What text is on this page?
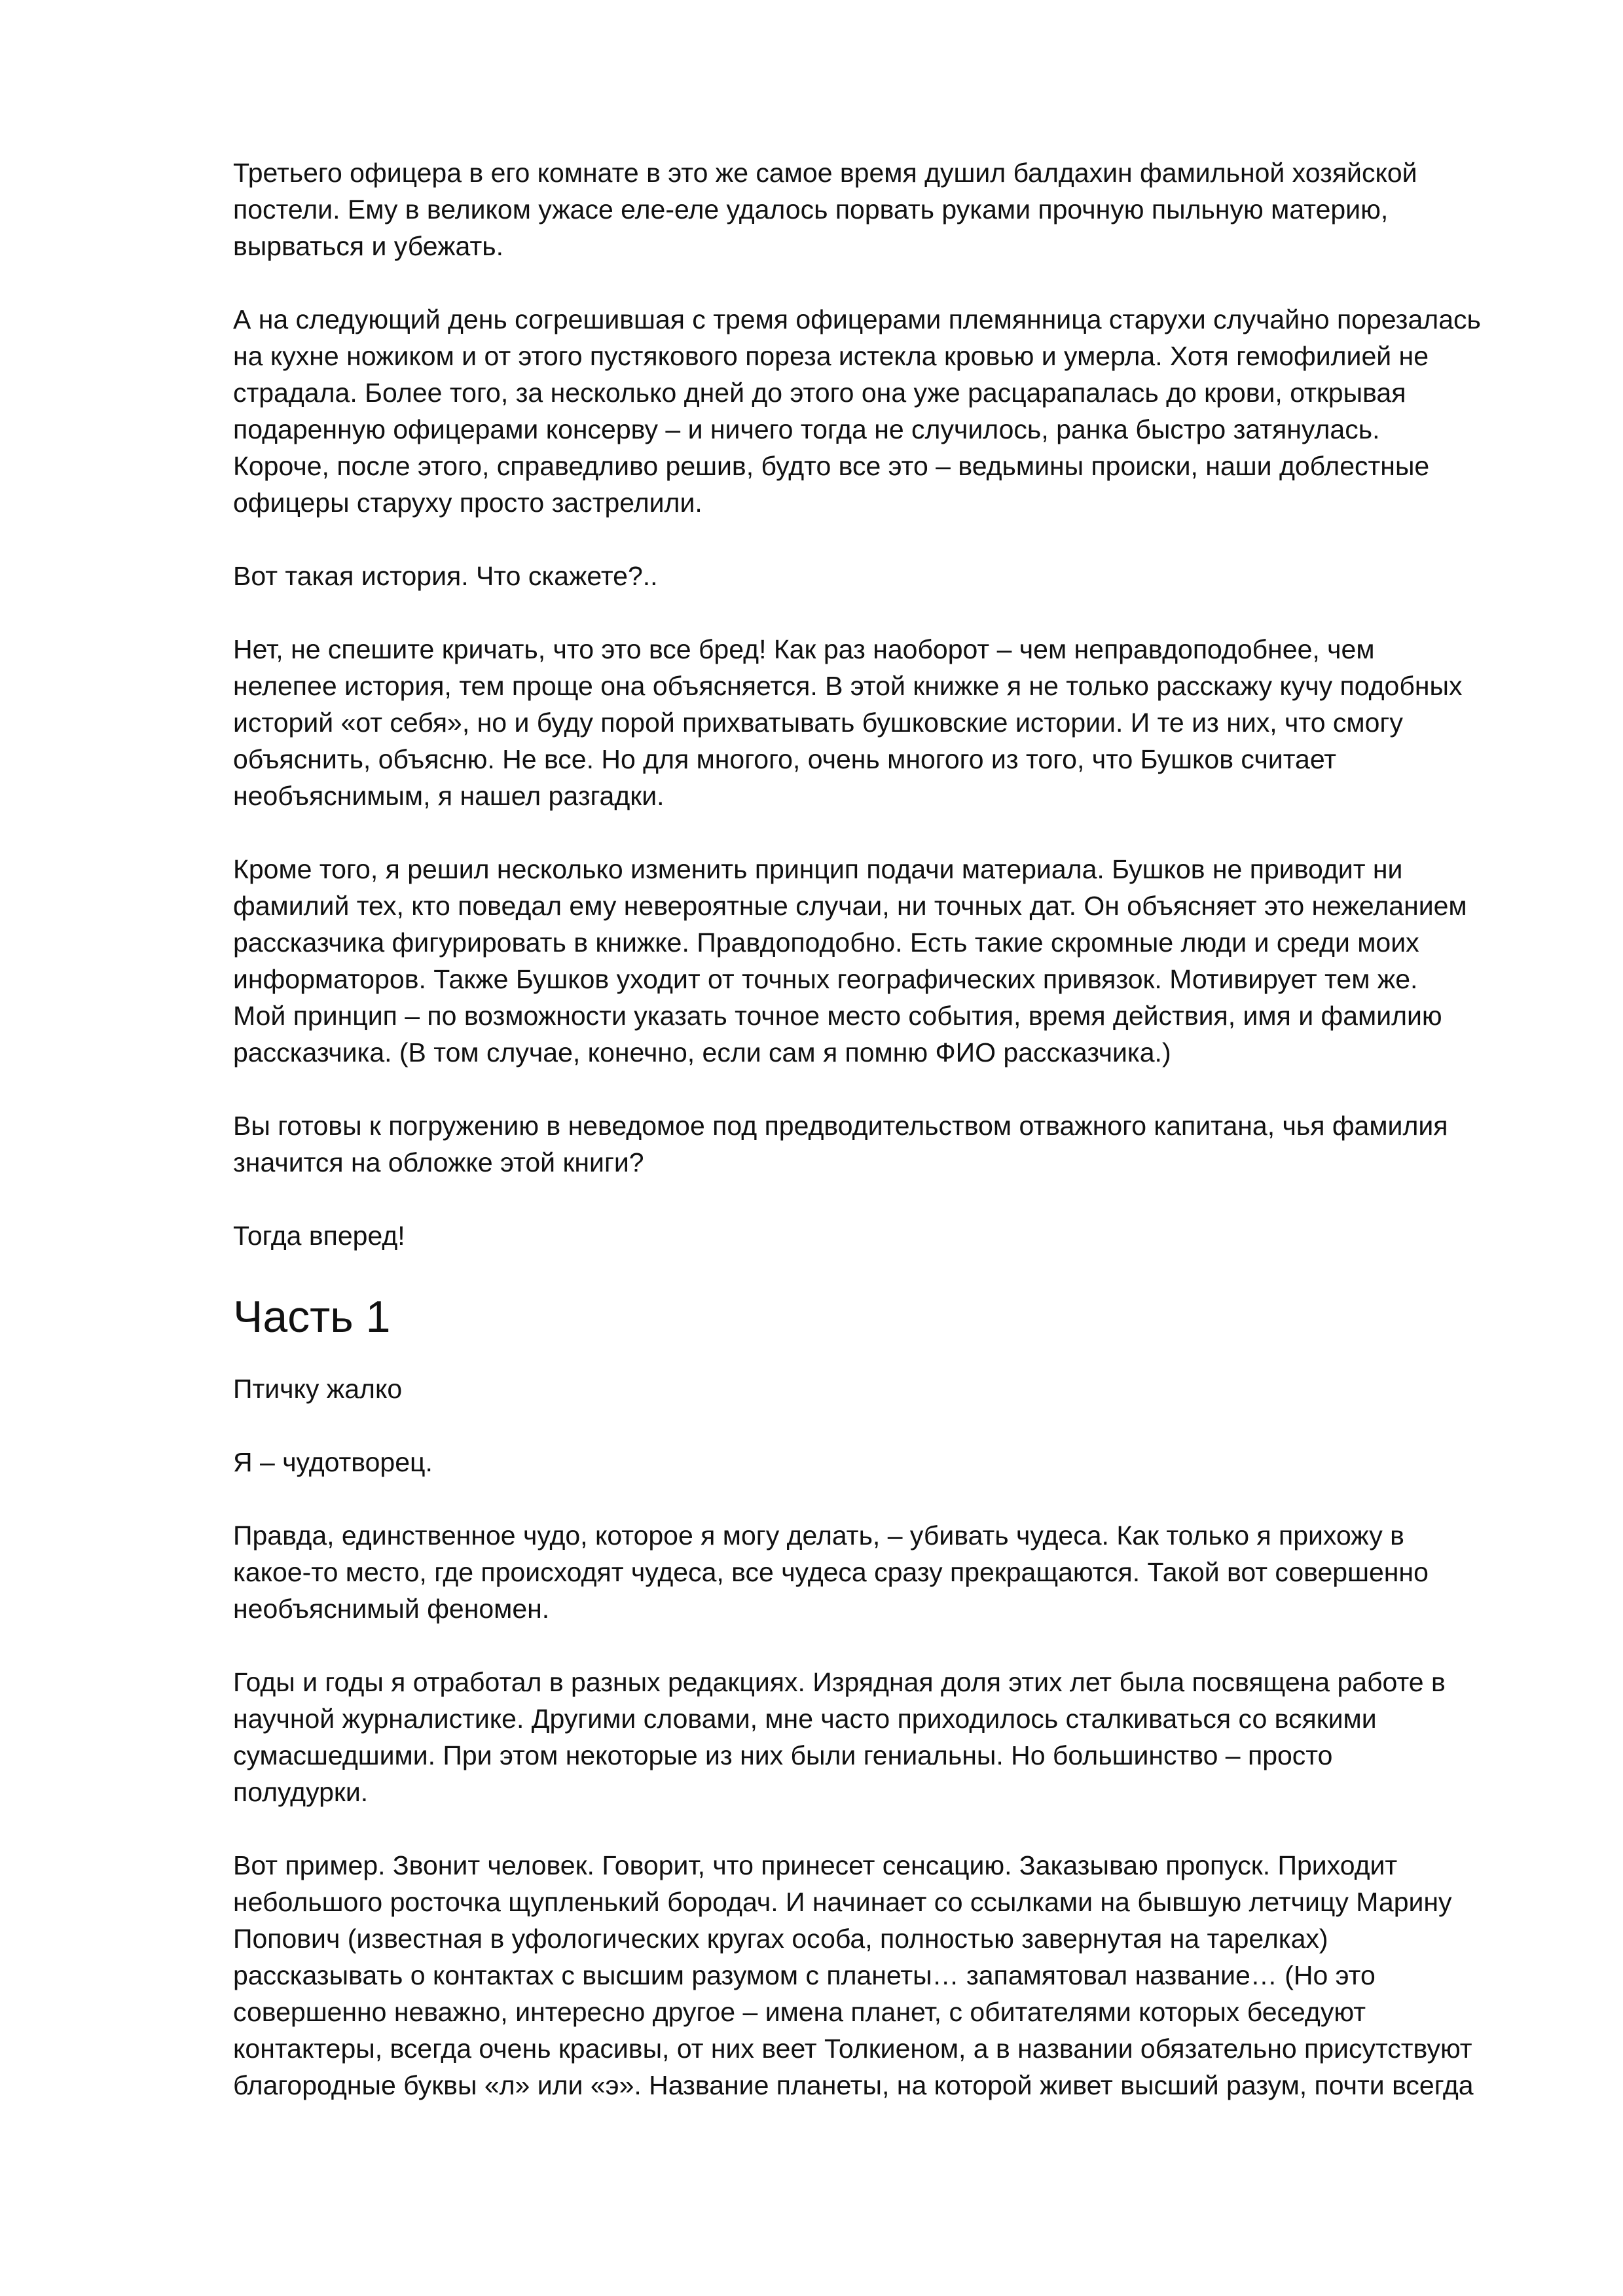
Третьего офицера в его комнате в это же самое время душил балдахин фамильной хозяйской
постели. Ему в великом ужасе еле-еле удалось порвать руками прочную пыльную материю,
вырваться и убежать.

А на следующий день согрешившая с тремя офицерами племянница старухи случайно порезалась
на кухне ножиком и от этого пустякового пореза истекла кровью и умерла. Хотя гемофилией не
страдала. Более того, за несколько дней до этого она уже расцарапалась до крови, открывая
подаренную офицерами консерву – и ничего тогда не случилось, ранка быстро затянулась.
Короче, после этого, справедливо решив, будто все это – ведьмины происки, наши доблестные
офицеры старуху просто застрелили.

Вот такая история. Что скажете?..

Нет, не спешите кричать, что это все бред! Как раз наоборот – чем неправдоподобнее, чем
нелепее история, тем проще она объясняется. В этой книжке я не только расскажу кучу подобных
историй «от себя», но и буду порой прихватывать бушковские истории. И те из них, что смогу
объяснить, объясню. Не все. Но для многого, очень многого из того, что Бушков считает
необъяснимым, я нашел разгадки.

Кроме того, я решил несколько изменить принцип подачи материала. Бушков не приводит ни
фамилий тех, кто поведал ему невероятные случаи, ни точных дат. Он объясняет это нежеланием
рассказчика фигурировать в книжке. Правдоподобно. Есть такие скромные люди и среди моих
информаторов. Также Бушков уходит от точных географических привязок. Мотивирует тем же.
Мой принцип – по возможности указать точное место события, время действия, имя и фамилию
рассказчика. (В том случае, конечно, если сам я помню ФИО рассказчика.)

Вы готовы к погружению в неведомое под предводительством отважного капитана, чья фамилия
значится на обложке этой книги?

Тогда вперед!

Часть 1

Птичку жалко

Я – чудотворец.

Правда, единственное чудо, которое я могу делать, – убивать чудеса. Как только я прихожу в
какое-то место, где происходят чудеса, все чудеса сразу прекращаются. Такой вот совершенно
необъяснимый феномен.

Годы и годы я отработал в разных редакциях. Изрядная доля этих лет была посвящена работе в
научной журналистике. Другими словами, мне часто приходилось сталкиваться со всякими
сумасшедшими. При этом некоторые из них были гениальны. Но большинство – просто
полудурки.

Вот пример. Звонит человек. Говорит, что принесет сенсацию. Заказываю пропуск. Приходит
небольшого росточка щупленький бородач. И начинает со ссылками на бывшую летчицу Марину
Попович (известная в уфологических кругах особа, полностью завернутая на тарелках)
рассказывать о контактах с высшим разумом с планеты… запамятовал название… (Но это
совершенно неважно, интересно другое – имена планет, с обитателями которых беседуют
контактеры, всегда очень красивы, от них веет Толкиеном, а в названии обязательно присутствуют
благородные буквы «л» или «э». Название планеты, на которой живет высший разум, почти всегда
